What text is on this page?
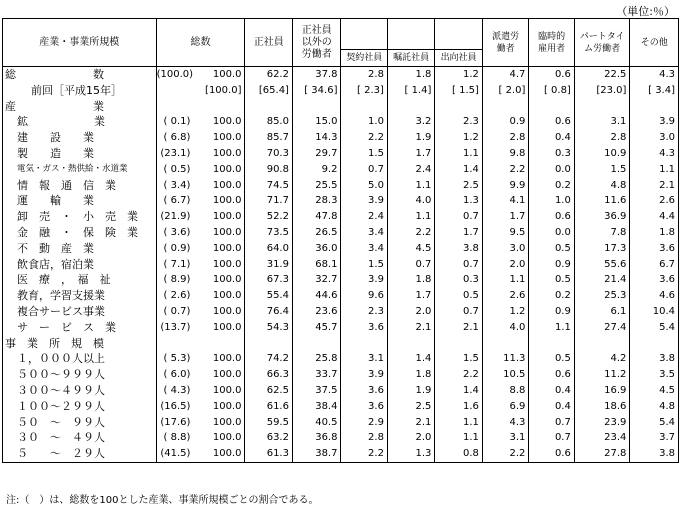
（単位:％）
産業・事業所規模	総数		正社員	正社員以外の労働者				派遣労働者	臨時的雇用者	パートタイム労働者	その他
					契約社員	嘱託社員	出向社員				
総　　　　　　　数	(100.0)	100.0	62.2	37.8	2.8	1.8	1.2	4.7	0.6	22.5	4.3
前回［平成15年］		[100.0]	[65.4]	[ 34.6]	[ 2.3]	[ 1.4]	[ 1.5]	[ 2.0]	[ 0.8]	[23.0]	[ 3.4]
産　　　　　　　業											
鉱　　　　　　業	( 0.1)	100.0	85.0	15.0	1.0	3.2	2.3	0.9	0.6	3.1	3.9
建　　設　　業	( 6.8)	100.0	85.7	14.3	2.2	1.9	1.2	2.8	0.4	2.8	3.0
製　　造　　業	(23.1)	100.0	70.3	29.7	1.5	1.7	1.1	9.8	0.3	10.9	4.3
電気・ガス・熱供給・水道業	( 0.5)	100.0	90.8	9.2	0.7	2.4	1.4	2.2	0.0	1.5	1.1
情　報　通　信　業	( 3.4)	100.0	74.5	25.5	5.0	1.1	2.5	9.9	0.2	4.8	2.1
運　　輸　　業	( 6.7)	100.0	71.7	28.3	3.9	4.0	1.3	4.1	1.0	11.6	2.6
卸　売　・　小　売　業	(21.9)	100.0	52.2	47.8	2.4	1.1	0.7	1.7	0.6	36.9	4.4
金　融　・　保　険　業	( 3.6)	100.0	73.5	26.5	3.4	2.2	1.7	9.5	0.0	7.8	1.8
不　動　産　業	( 0.9)	100.0	64.0	36.0	3.4	4.5	3.8	3.0	0.5	17.3	3.6
飲食店，宿泊業	( 7.1)	100.0	31.9	68.1	1.5	0.7	0.7	2.0	0.9	55.6	6.7
医　療　，　福　祉	( 8.9)	100.0	67.3	32.7	3.9	1.8	0.3	1.1	0.5	21.4	3.6
教育，学習支援業	( 2.6)	100.0	55.4	44.6	9.6	1.7	0.5	2.6	0.2	25.3	4.6
複合サービス事業	( 0.7)	100.0	76.4	23.6	2.3	2.0	0.7	1.2	0.9	6.1	10.4
サ　ー　ビ　ス　業	(13.7)	100.0	54.3	45.7	3.6	2.1	2.1	4.0	1.1	27.4	5.4
事　業　所　規　模											
１，０００人以上	( 5.3)	100.0	74.2	25.8	3.1	1.4	1.5	11.3	0.5	4.2	3.8
５００～９９９人	( 6.0)	100.0	66.3	33.7	3.9	1.8	2.2	10.5	0.6	11.2	3.5
３００～４９９人	( 4.3)	100.0	62.5	37.5	3.6	1.9	1.4	8.8	0.4	16.9	4.5
１００～２９９人	(16.5)	100.0	61.6	38.4	3.6	2.5	1.6	6.9	0.4	18.6	4.8
５０　～　９９人	(17.6)	100.0	59.5	40.5	2.9	2.1	1.1	4.3	0.7	23.9	5.4
３０　～　４９人	( 8.8)	100.0	63.2	36.8	2.8	2.0	1.1	3.1	0.7	23.4	3.7
５　　～　２９人	(41.5)	100.0	61.3	38.7	2.2	1.3	0.8	2.2	0.6	27.8	3.8
注:（　）は、総数を100とした産業、事業所規模ごとの割合である。
